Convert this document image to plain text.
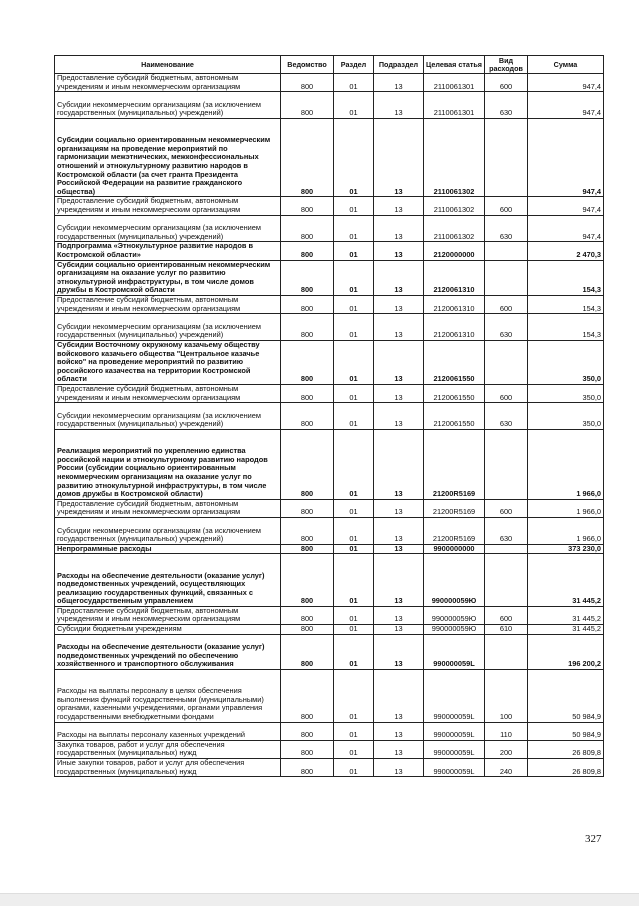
Наименование	Ведомство	Раздел	Подраздел	Целевая статья	Вид расходов	Сумма
Предоставление субсидий бюджетным, автономным учреждениям и иным некоммерческим организациям	800	01	13	2110061301	600	947,4
Субсидии некоммерческим организациям (за исключением государственных (муниципальных) учреждений)	800	01	13	2110061301	630	947,4
Субсидии социально ориентированным некоммерческим организациям на проведение мероприятий по гармонизации межэтнических, межконфессиональных отношений и этнокультурному развитию народов в Костромской области (за счет гранта Президента Российской Федерации на развитие гражданского общества)	800	01	13	2110061302		947,4
Предоставление субсидий бюджетным, автономным учреждениям и иным некоммерческим организациям	800	01	13	2110061302	600	947,4
Субсидии некоммерческим организациям (за исключением государственных (муниципальных) учреждений)	800	01	13	2110061302	630	947,4
Подпрограмма «Этнокультурное развитие народов в Костромской области»	800	01	13	2120000000		2 470,3
Субсидии социально ориентированным некоммерческим организациям на оказание услуг по развитию этнокультурной инфраструктуры, в том числе домов дружбы в Костромской области	800	01	13	2120061310		154,3
Предоставление субсидий бюджетным, автономным учреждениям и иным некоммерческим организациям	800	01	13	2120061310	600	154,3
Субсидии некоммерческим организациям (за исключением государственных (муниципальных) учреждений)	800	01	13	2120061310	630	154,3
Субсидии Восточному окружному казачьему обществу войскового казачьего общества "Центральное казачье войско" на проведение мероприятий по развитию российского казачества на территории Костромской области	800	01	13	2120061550		350,0
Предоставление субсидий бюджетным, автономным учреждениям и иным некоммерческим организациям	800	01	13	2120061550	600	350,0
Субсидии некоммерческим организациям (за исключением государственных (муниципальных) учреждений)	800	01	13	2120061550	630	350,0
Реализация мероприятий по укреплению единства российской нации и этнокультурному развитию народов России (субсидии социально ориентированным некоммерческим организациям на оказание услуг по развитию этнокультурной инфраструктуры, в том числе домов дружбы в Костромской области)	800	01	13	21200R5169		1 966,0
Предоставление субсидий бюджетным, автономным учреждениям и иным некоммерческим организациям	800	01	13	21200R5169	600	1 966,0
Субсидии некоммерческим организациям (за исключением государственных (муниципальных) учреждений)	800	01	13	21200R5169	630	1 966,0
Непрограммные расходы	800	01	13	9900000000		373 230,0
Расходы на обеспечение деятельности (оказание услуг) подведомственных учреждений, осуществляющих реализацию государственных функций, связанных с общегосударственным управлением	800	01	13	990000059Ю		31 445,2
Предоставление субсидий бюджетным, автономным учреждениям и иным некоммерческим организациям	800	01	13	990000059Ю	600	31 445,2
Субсидии бюджетным учреждениям	800	01	13	990000059Ю	610	31 445,2
Расходы на обеспечение деятельности (оказание услуг) подведомственных учреждений по обеспечению хозяйственного и транспортного обслуживания	800	01	13	990000059L		196 200,2
Расходы на выплаты персоналу в целях обеспечения выполнения функций государственными (муниципальными) органами, казенными учреждениями, органами управления государственными внебюджетными фондами	800	01	13	990000059L	100	50 984,9
Расходы на выплаты персоналу казенных учреждений	800	01	13	990000059L	110	50 984,9
Закупка товаров, работ и услуг для обеспечения государственных (муниципальных) нужд	800	01	13	990000059L	200	26 809,8
Иные закупки товаров, работ и услуг для обеспечения государственных (муниципальных) нужд	800	01	13	990000059L	240	26 809,8
327
